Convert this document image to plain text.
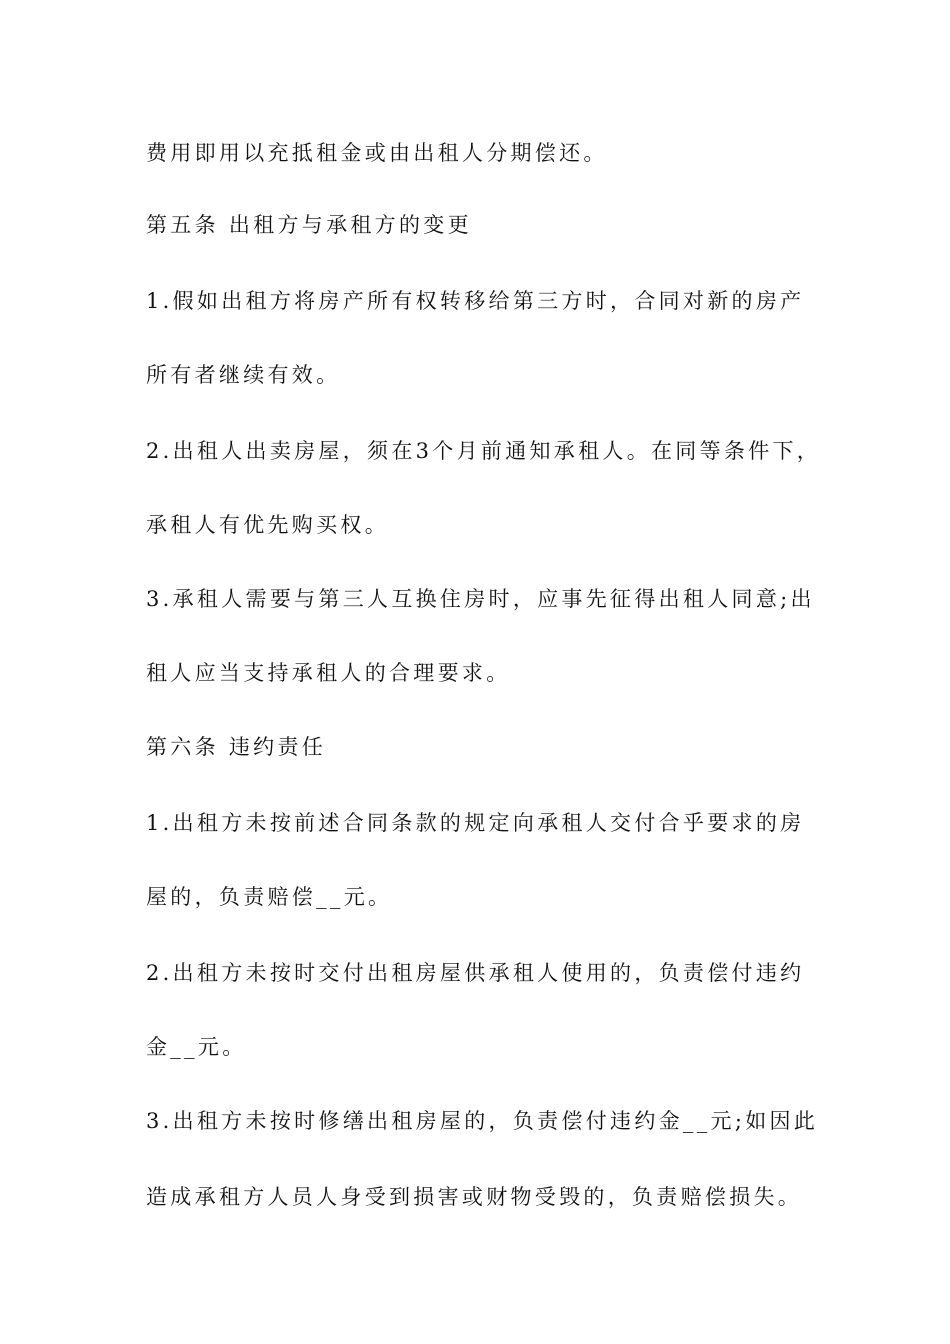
费用即用以充抵租金或由出租人分期偿还。
第五条 出租方与承租方的变更
1.假如出租方将房产所有权转移给第三方时，合同对新的房产
所有者继续有效。
2.出租人出卖房屋，须在3个月前通知承租人。在同等条件下，
承租人有优先购买权。
3.承租人需要与第三人互换住房时，应事先征得出租人同意;出
租人应当支持承租人的合理要求。
第六条 违约责任
1.出租方未按前述合同条款的规定向承租人交付合乎要求的房
屋的，负责赔偿__元。
2.出租方未按时交付出租房屋供承租人使用的，负责偿付违约
金__元。
3.出租方未按时修缮出租房屋的，负责偿付违约金__元;如因此
造成承租方人员人身受到损害或财物受毁的，负责赔偿损失。
